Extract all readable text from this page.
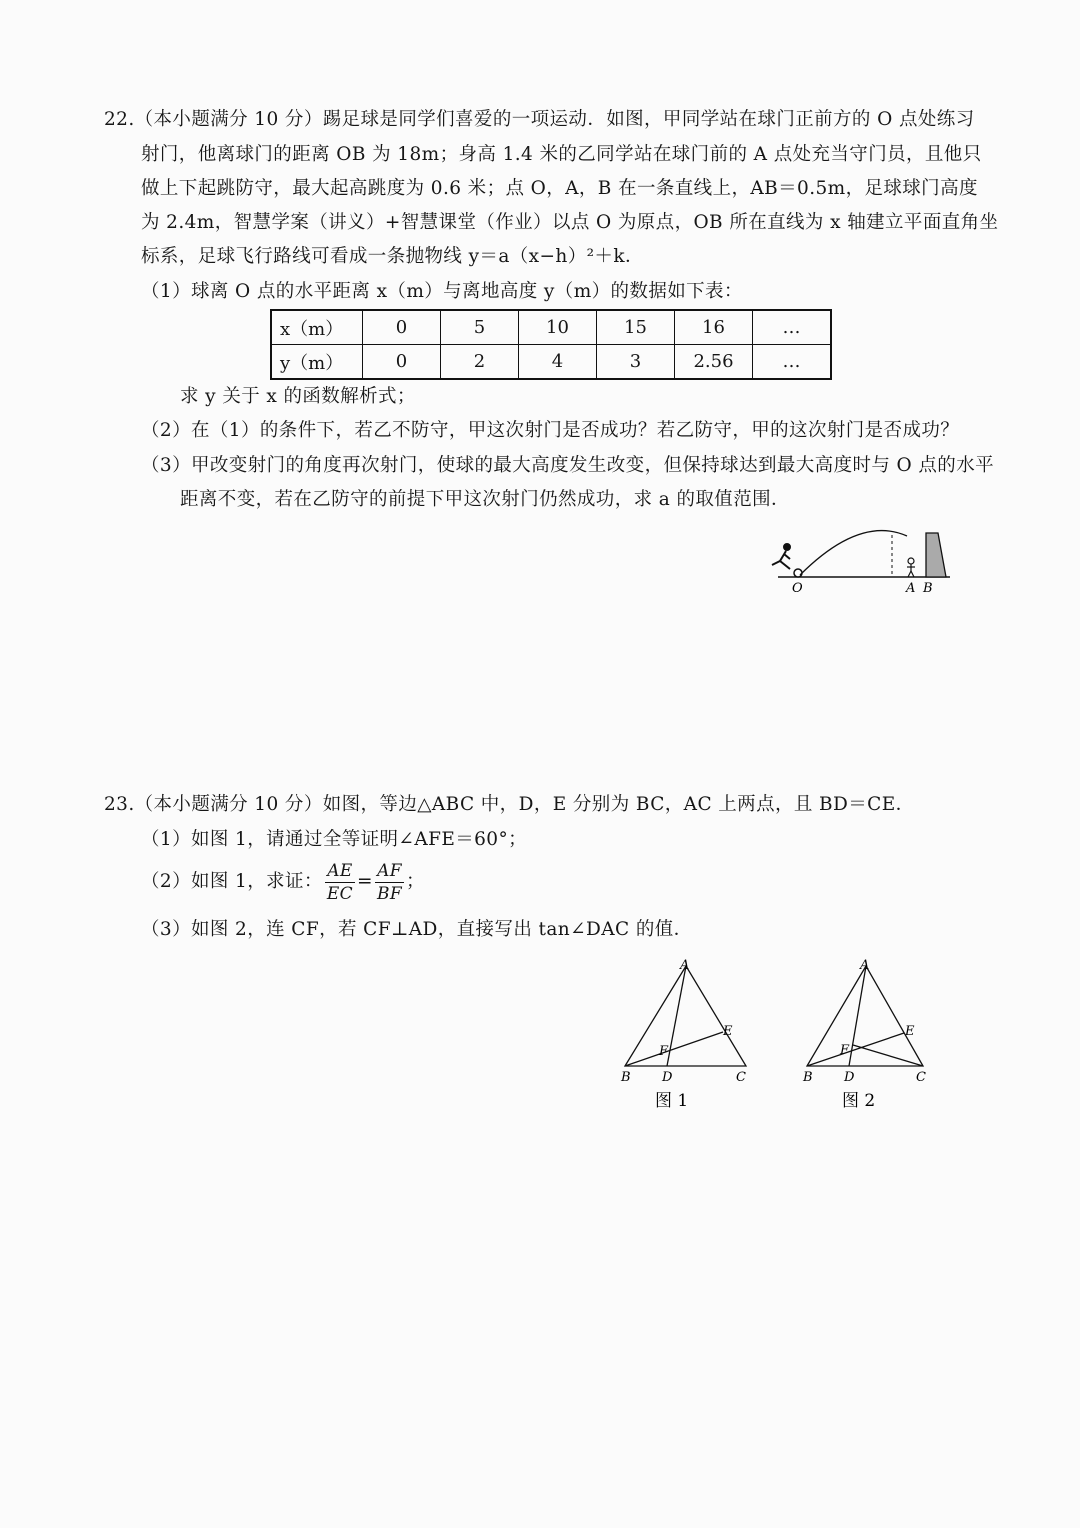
22.（本小题满分 10 分）踢足球是同学们喜爱的一项运动．如图，甲同学站在球门正前方的 O 点处练习
射门，他离球门的距离 OB 为 18m；身高 1.4 米的乙同学站在球门前的 A 点处充当守门员，且他只
做上下起跳防守，最大起高跳度为 0.6 米；点 O，A，B 在一条直线上，AB＝0.5m，足球球门高度
为 2.4m，智慧学案（讲义）+智慧课堂（作业）以点 O 为原点，OB 所在直线为 x 轴建立平面直角坐
标系，足球飞行路线可看成一条抛物线 y＝a（x−h）²＋k．
（1）球离 O 点的水平距离 x（m）与离地高度 y（m）的数据如下表：
x（m）	0	5	10	15	16	…
y（m）	0	2	4	3	2.56	…
求 y 关于 x 的函数解析式；
（2）在（1）的条件下，若乙不防守，甲这次射门是否成功？若乙防守，甲的这次射门是否成功？
（3）甲改变射门的角度再次射门，使球的最大高度发生改变，但保持球达到最大高度时与 O 点的水平
距离不变，若在乙防守的前提下甲这次射门仍然成功，求 a 的取值范围．
O	A B
23.（本小题满分 10 分）如图，等边△ABC 中，D，E 分别为 BC，AC 上两点，且 BD＝CE．
（1）如图 1，请通过全等证明∠AFE＝60°；
（2）如图 1，求证： $\frac{AE}{EC} = \frac{AF}{BF}$ ；
（3）如图 2，连 CF，若 CF⊥AD，直接写出 tan∠DAC 的值．
A
B D	C
E
F
图 1
A
B D	C
E
F
图 2
